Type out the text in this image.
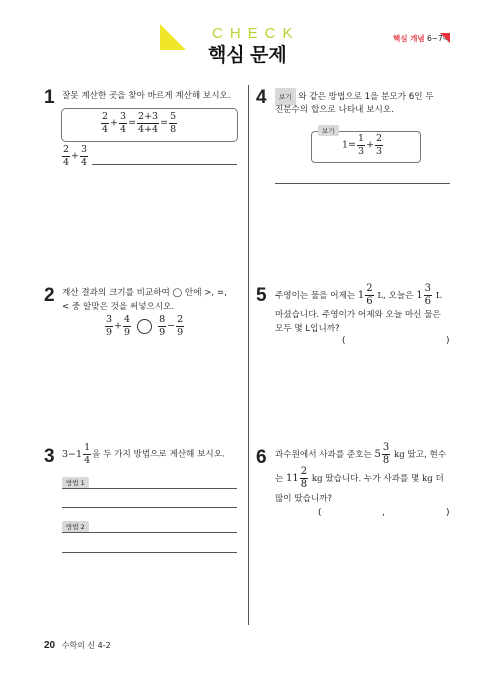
CHECK
핵심 문제
핵심 개념 6~7쪽
1 잘못 계산한 곳을 찾아 바르게 계산해 보시오.
$\frac{2}{4} + \frac{3}{4} = \frac{2+3}{4+4} = \frac{5}{8}$
$\frac{2}{4} + \frac{3}{4}$
2 계산 결과의 크기를 비교하여 ◯ 안에 >, =,
< 중 알맞은 것을 써넣으시오.
$\frac{3}{9} + \frac{4}{9}$
	$\frac{8}{9} - \frac{2}{9}$
3 $3-1 \frac{1}{4}$ 을 두 가지 방법으로 계산해 보시오.
방법 1
방법 2
4	보기 와 같은 방법으로 1을 분모가 6인 두
진분수의 합으로 나타내 보시오.
보기
$1= \frac{1}{3} + \frac{2}{3}$
5 주영이는 물을 어제는 $1 \frac{2}{6} L$, 오늘은 $1 \frac{3}{6}$ L
마셨습니다. 주영이가 어제와 오늘 마신 물은
모두 몇 L입니까?
(	)
6 과수원에서 사과를 준호는 $5 \frac{3}{8}$ kg 땄고, 현수
는 $11 \frac{2}{8}$ kg 땄습니다. 누가 사과를 몇 kg 더
많이 땄습니까?
(	,	)
20 수학의 신 4-2
